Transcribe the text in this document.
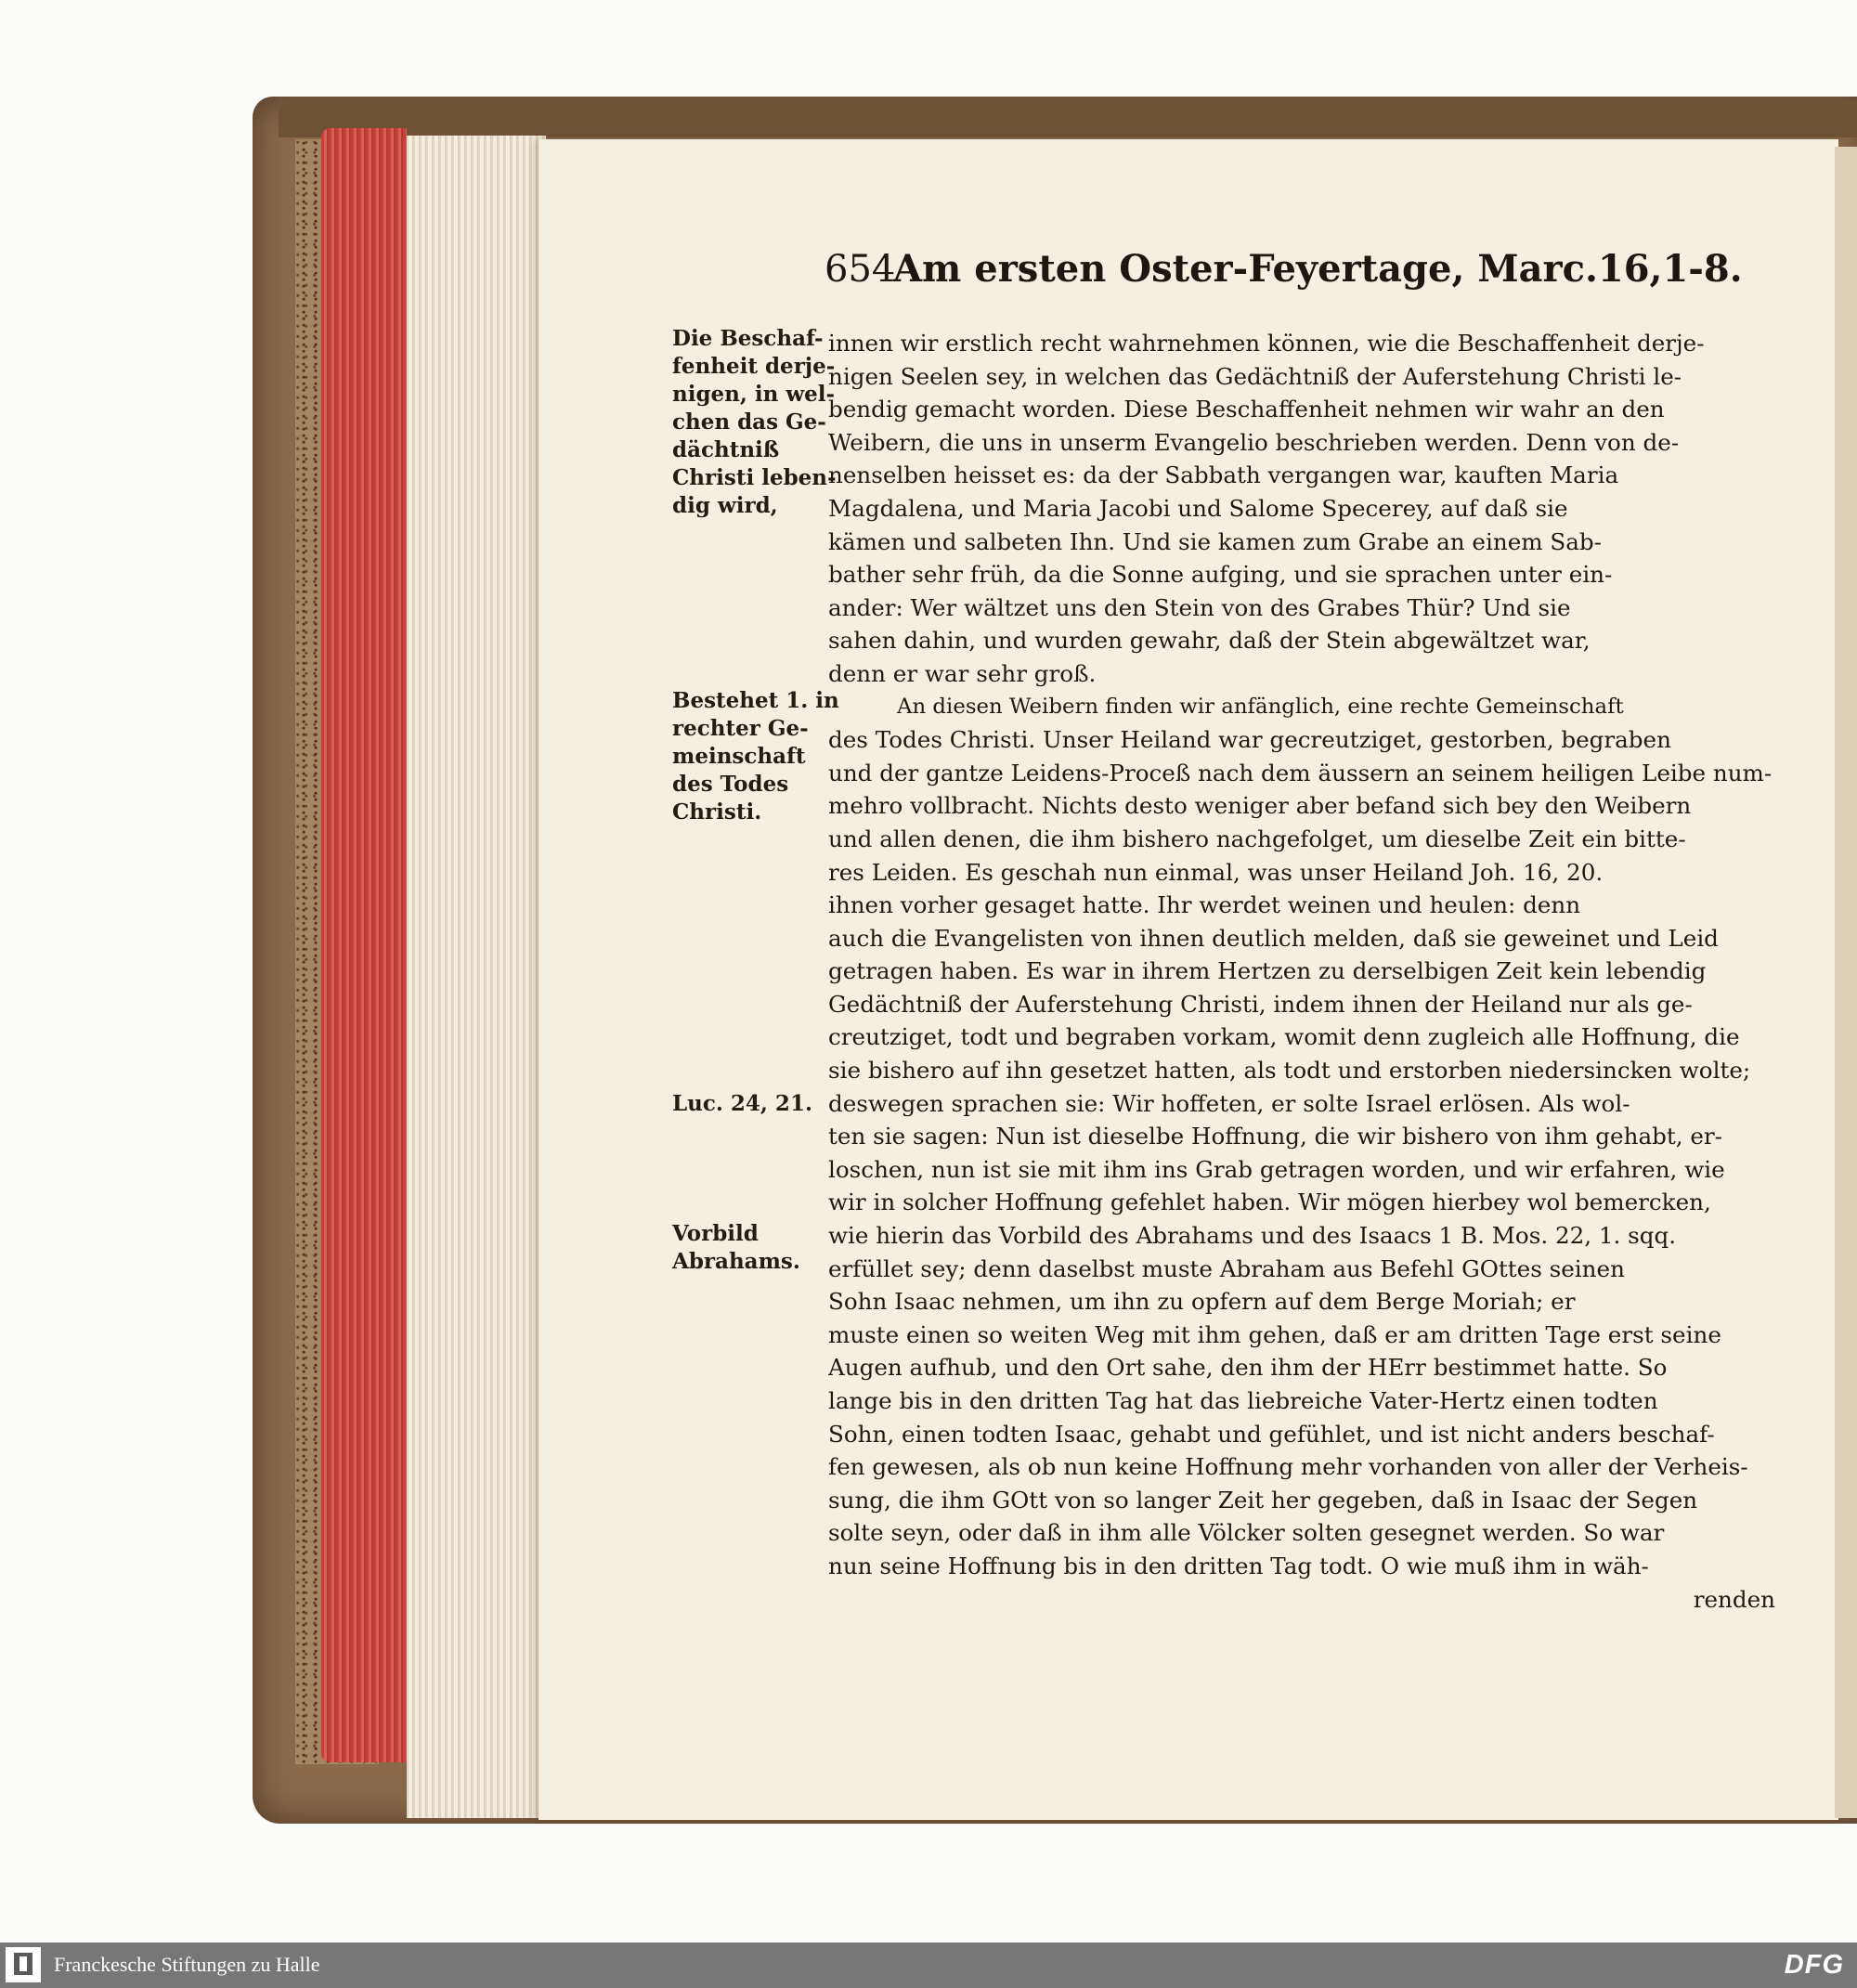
654Am ersten Oster-Feyertage, Marc.16,1-8.
Die Beschaf-
fenheit derje-
nigen, in wel-
chen das Ge-
dächtniß
Christi leben-
dig wird,
Bestehet 1. in
rechter Ge-
meinschaft
des Todes
Christi.
Luc. 24, 21.
Vorbild
Abrahams.
innen wir erstlich recht wahrnehmen können, wie die Beschaffenheit derje-
nigen Seelen sey, in welchen das Gedächtniß der Auferstehung Christi le-
bendig gemacht worden. Diese Beschaffenheit nehmen wir wahr an den
Weibern, die uns in unserm Evangelio beschrieben werden. Denn von de-
nenselben heisset es: da der Sabbath vergangen war, kauften Maria
Magdalena, und Maria Jacobi und Salome Specerey, auf daß sie
kämen und salbeten Ihn. Und sie kamen zum Grabe an einem Sab-
bather sehr früh, da die Sonne aufging, und sie sprachen unter ein-
ander: Wer wältzet uns den Stein von des Grabes Thür? Und sie
sahen dahin, und wurden gewahr, daß der Stein abgewältzet war,
denn er war sehr groß.
An diesen Weibern finden wir anfänglich, eine rechte Gemeinschaft
des Todes Christi. Unser Heiland war gecreutziget, gestorben, begraben
und der gantze Leidens-Proceß nach dem äussern an seinem heiligen Leibe num-
mehro vollbracht. Nichts desto weniger aber befand sich bey den Weibern
und allen denen, die ihm bishero nachgefolget, um dieselbe Zeit ein bitte-
res Leiden. Es geschah nun einmal, was unser Heiland Joh. 16, 20.
ihnen vorher gesaget hatte. Ihr werdet weinen und heulen: denn
auch die Evangelisten von ihnen deutlich melden, daß sie geweinet und Leid
getragen haben. Es war in ihrem Hertzen zu derselbigen Zeit kein lebendig
Gedächtniß der Auferstehung Christi, indem ihnen der Heiland nur als ge-
creutziget, todt und begraben vorkam, womit denn zugleich alle Hoffnung, die
sie bishero auf ihn gesetzet hatten, als todt und erstorben niedersincken wolte;
deswegen sprachen sie: Wir hoffeten, er solte Israel erlösen. Als wol-
ten sie sagen: Nun ist dieselbe Hoffnung, die wir bishero von ihm gehabt, er-
loschen, nun ist sie mit ihm ins Grab getragen worden, und wir erfahren, wie
wir in solcher Hoffnung gefehlet haben. Wir mögen hierbey wol bemercken,
wie hierin das Vorbild des Abrahams und des Isaacs 1 B. Mos. 22, 1. sqq.
erfüllet sey; denn daselbst muste Abraham aus Befehl GOttes seinen
Sohn Isaac nehmen, um ihn zu opfern auf dem Berge Moriah; er
muste einen so weiten Weg mit ihm gehen, daß er am dritten Tage erst seine
Augen aufhub, und den Ort sahe, den ihm der HErr bestimmet hatte. So
lange bis in den dritten Tag hat das liebreiche Vater-Hertz einen todten
Sohn, einen todten Isaac, gehabt und gefühlet, und ist nicht anders beschaf-
fen gewesen, als ob nun keine Hoffnung mehr vorhanden von aller der Verheis-
sung, die ihm GOtt von so langer Zeit her gegeben, daß in Isaac der Segen
solte seyn, oder daß in ihm alle Völcker solten gesegnet werden. So war
nun seine Hoffnung bis in den dritten Tag todt. O wie muß ihm in wäh-
renden
Franckesche Stiftungen zu Halle	DFG
